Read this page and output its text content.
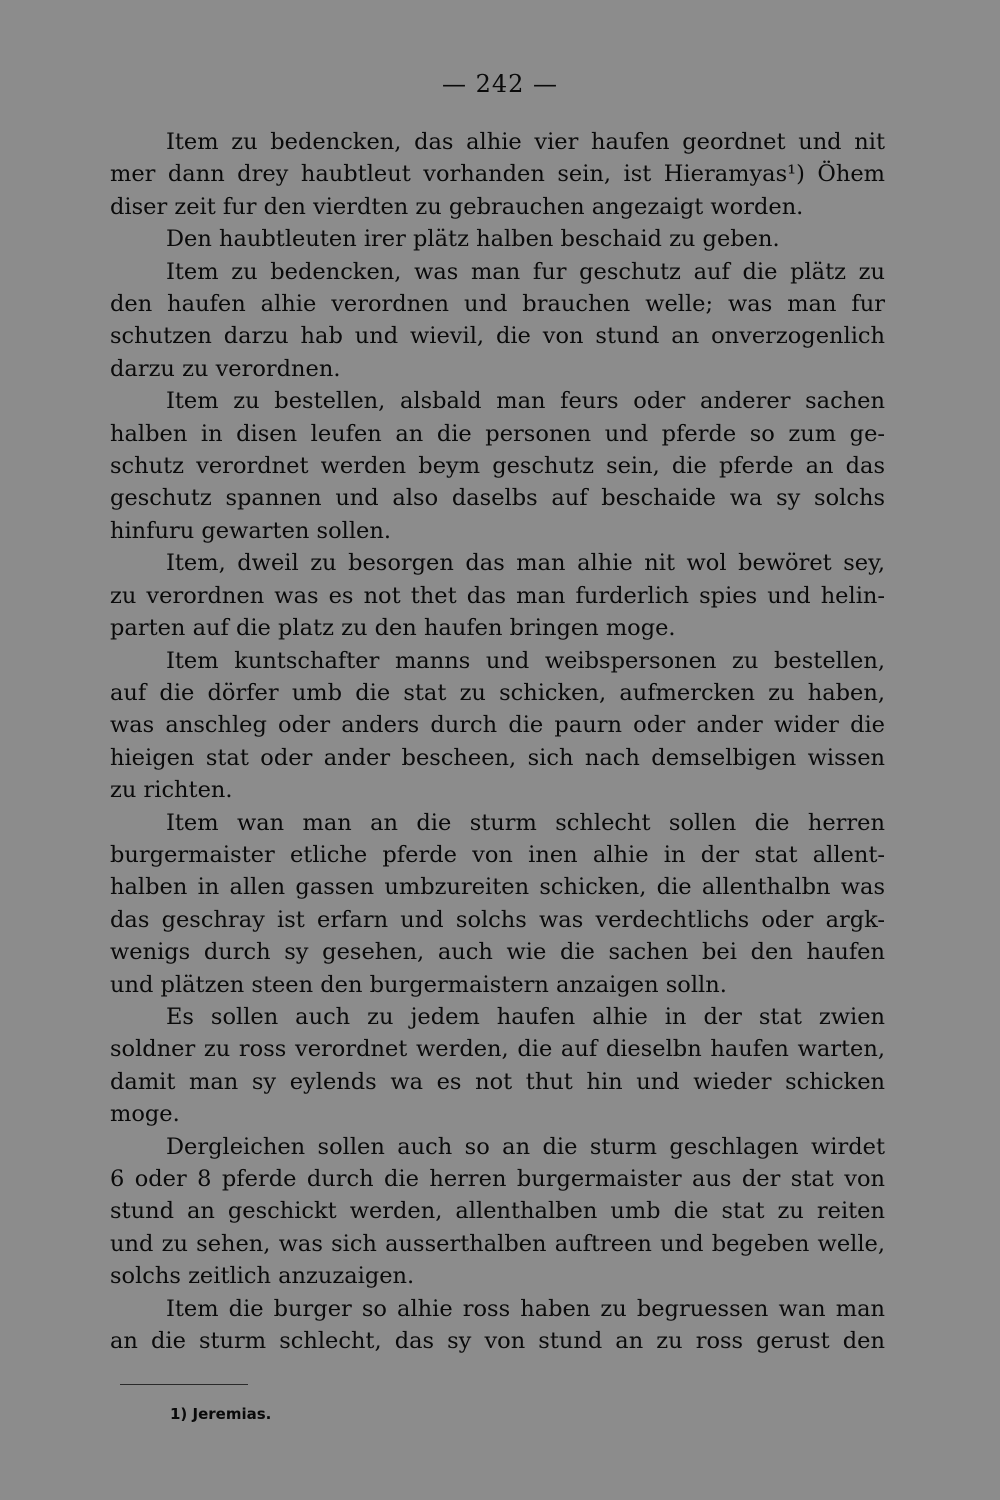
— 242 —
Item zu bedencken, das alhie vier haufen geordnet und nit
mer dann drey haubtleut vorhanden sein, ist Hieramyas¹) Öhem
diser zeit fur den vierdten zu gebrauchen angezaigt worden.
Den haubtleuten irer plätz halben beschaid zu geben.
Item zu bedencken, was man fur geschutz auf die plätz zu
den haufen alhie verordnen und brauchen welle; was man fur
schutzen darzu hab und wievil, die von stund an onverzogenlich
darzu zu verordnen.
Item zu bestellen, alsbald man feurs oder anderer sachen
halben in disen leufen an die personen und pferde so zum ge-
schutz verordnet werden beym geschutz sein, die pferde an das
geschutz spannen und also daselbs auf beschaide wa sy solchs
hinfuru gewarten sollen.
Item, dweil zu besorgen das man alhie nit wol bewöret sey,
zu verordnen was es not thet das man furderlich spies und helin-
parten auf die platz zu den haufen bringen moge.
Item kuntschafter manns und weibspersonen zu bestellen,
auf die dörfer umb die stat zu schicken, aufmercken zu haben,
was anschleg oder anders durch die paurn oder ander wider die
hieigen stat oder ander bescheen, sich nach demselbigen wissen
zu richten.
Item wan man an die sturm schlecht sollen die herren
burgermaister etliche pferde von inen alhie in der stat allent-
halben in allen gassen umbzureiten schicken, die allenthalbn was
das geschray ist erfarn und solchs was verdechtlichs oder argk-
wenigs durch sy gesehen, auch wie die sachen bei den haufen
und plätzen steen den burgermaistern anzaigen solln.
Es sollen auch zu jedem haufen alhie in der stat zwien
soldner zu ross verordnet werden, die auf dieselbn haufen warten,
damit man sy eylends wa es not thut hin und wieder schicken
moge.
Dergleichen sollen auch so an die sturm geschlagen wirdet
6 oder 8 pferde durch die herren burgermaister aus der stat von
stund an geschickt werden, allenthalben umb die stat zu reiten
und zu sehen, was sich ausserthalben auftreen und begeben welle,
solchs zeitlich anzuzaigen.
Item die burger so alhie ross haben zu begruessen wan man
an die sturm schlecht, das sy von stund an zu ross gerust den
1) Jeremias.
